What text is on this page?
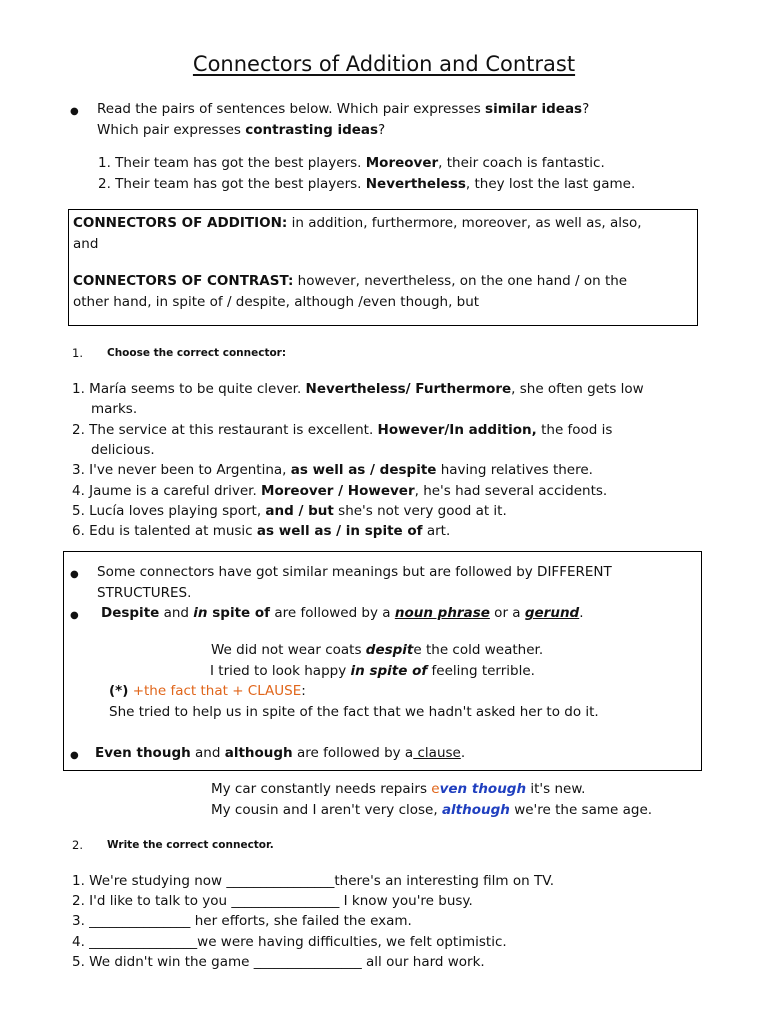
Connectors of Addition and Contrast
● Read the pairs of sentences below. Which pair expresses similar ideas?
Which pair expresses contrasting ideas?
1. Their team has got the best players. Moreover, their coach is fantastic.
2. Their team has got the best players. Nevertheless, they lost the last game.
CONNECTORS OF ADDITION: in addition, furthermore, moreover, as well as, also,
and
CONNECTORS OF CONTRAST: however, nevertheless, on the one hand / on the
other hand, in spite of / despite, although /even though, but
1. Choose the correct connector:
1. María seems to be quite clever. Nevertheless/ Furthermore, she often gets low
marks.
2. The service at this restaurant is excellent. However/In addition, the food is
delicious.
3. I've never been to Argentina, as well as / despite having relatives there.
4. Jaume is a careful driver. Moreover / However, he's had several accidents.
5. Lucía loves playing sport, and / but she's not very good at it.
6. Edu is talented at music as well as / in spite of art.
● Some connectors have got similar meanings but are followed by DIFFERENT
STRUCTURES.
● Despite and in spite of are followed by a noun phrase or a gerund.
We did not wear coats despite the cold weather.
I tried to look happy in spite of feeling terrible.
(*) +the fact that + CLAUSE:
She tried to help us in spite of the fact that we hadn't asked her to do it.
● Even though and although are followed by a clause.
My car constantly needs repairs even though it's new.
My cousin and I aren't very close, although we're the same age.
2. Write the correct connector.
1. We're studying now ________________there's an interesting film on TV.
2. I'd like to talk to you ________________ I know you're busy.
3. _______________ her efforts, she failed the exam.
4. ________________we were having difficulties, we felt optimistic.
5. We didn't win the game ________________ all our hard work.
